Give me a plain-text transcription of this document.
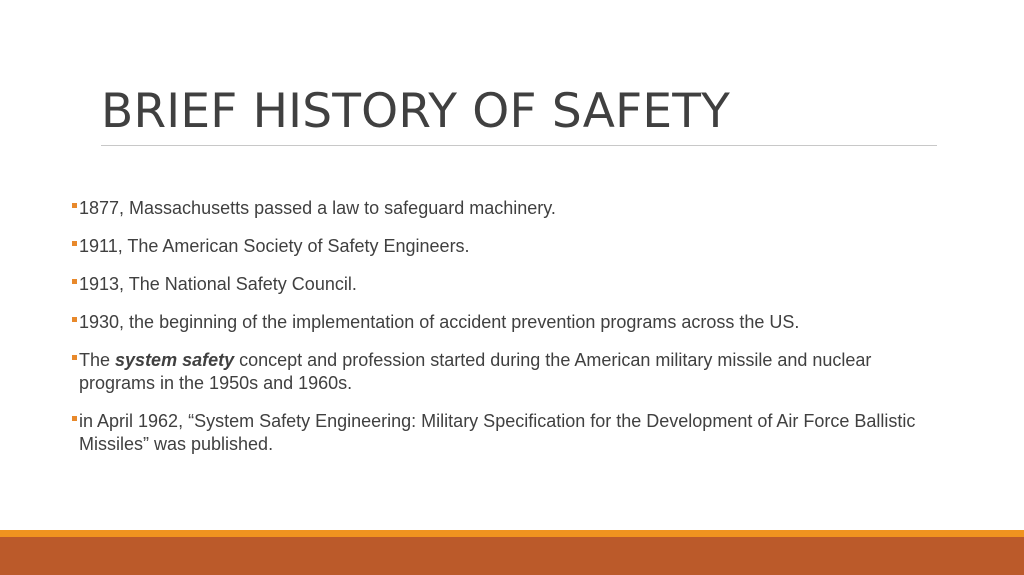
BRIEF HISTORY OF SAFETY
1877, Massachusetts passed a law to safeguard machinery.
1911, The American Society of Safety Engineers.
1913, The National Safety Council.
1930, the beginning of the implementation of accident prevention programs across the US.
The system safety concept and profession started during the American military missile and nuclear programs in the 1950s and 1960s.
in April 1962, “System Safety Engineering: Military Specification for the Development of Air Force Ballistic Missiles” was published.
